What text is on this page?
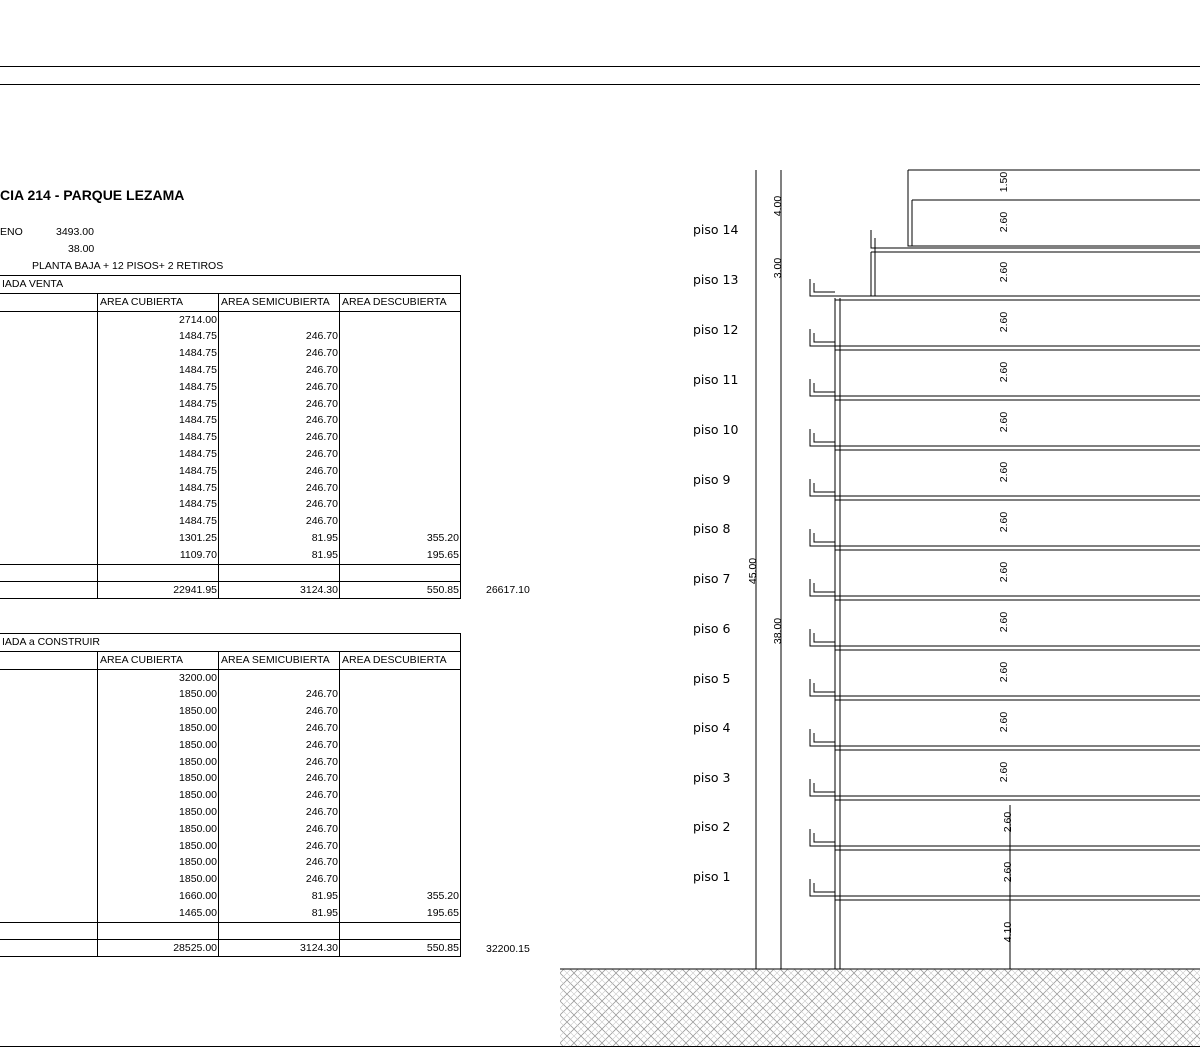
CIA 214 - PARQUE LEZAMA
ENO	3493.00
38.00
PLANTA BAJA + 12 PISOS+ 2 RETIROS
IADA VENTA			
	AREA CUBIERTA	AREA SEMICUBIERTA	AREA DESCUBIERTA
	2714.00		
	1484.75	246.70	
	1484.75	246.70	
	1484.75	246.70	
	1484.75	246.70	
	1484.75	246.70	
	1484.75	246.70	
	1484.75	246.70	
	1484.75	246.70	
	1484.75	246.70	
	1484.75	246.70	
	1484.75	246.70	
	1484.75	246.70	
	1301.25	81.95	355.20
	1109.70	81.95	195.65

	22941.95	3124.30	550.85	26617.10
IADA a CONSTRUIR			
	AREA CUBIERTA	AREA SEMICUBIERTA	AREA DESCUBIERTA
	3200.00		
	1850.00	246.70	
	1850.00	246.70	
	1850.00	246.70	
	1850.00	246.70	
	1850.00	246.70	
	1850.00	246.70	
	1850.00	246.70	
	1850.00	246.70	
	1850.00	246.70	
	1850.00	246.70	
	1850.00	246.70	
	1850.00	246.70	
	1660.00	81.95	355.20
	1465.00	81.95	195.65

	28525.00	3124.30	550.85	32200.15
piso 14
piso 13
piso 12
piso 11
piso 10
piso 9
piso 8
piso 7
piso 6
piso 5
piso 4
piso 3
piso 2
piso 1
1.50
2.60
2.60
2.60
2.60
2.60
2.60
2.60
2.60
2.60
2.60
2.60
2.60
2.60
2.60
4.10
4.00
3.00
45.00
38.00
